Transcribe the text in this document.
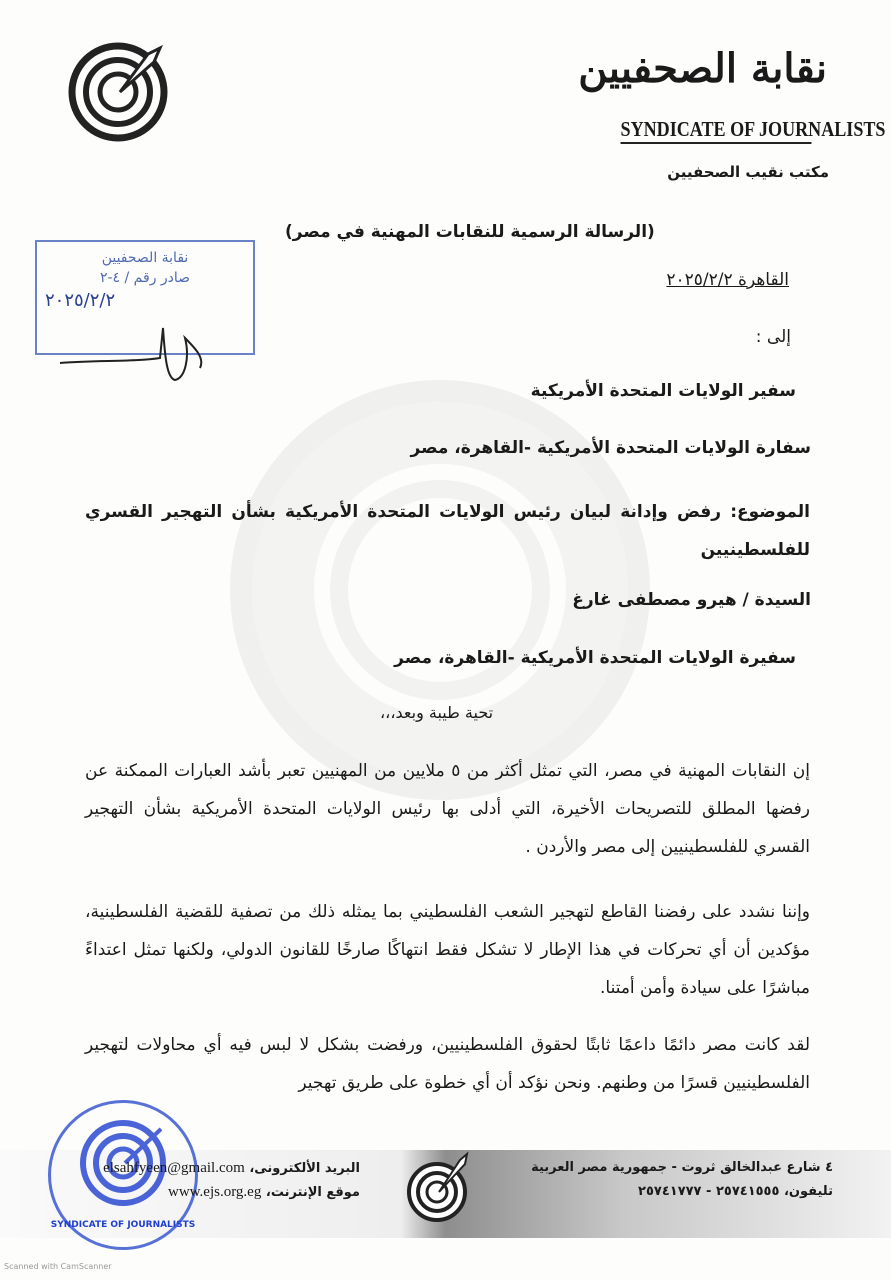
نقابة الصحفيين
SYNDICATE OF JOURNALISTS
مكتب نقيب الصحفيين
(الرسالة الرسمية للنقابات المهنية في مصر)
القاهرة ٢٠٢٥/٢/٢
نقابة الصحفيين
صادر رقم / ٤-٢
٢٠٢٥/٢/٢
إلى :
سفير الولايات المتحدة الأمريكية
سفارة الولايات المتحدة الأمريكية -القاهرة، مصر
الموضوع: رفض وإدانة لبيان رئيس الولايات المتحدة الأمريكية بشأن التهجير القسري للفلسطينيين
السيدة / هيرو مصطفى غارغ
سفيرة الولايات المتحدة الأمريكية -القاهرة، مصر
تحية طيبة وبعد،،،
إن النقابات المهنية في مصر، التي تمثل أكثر من ٥ ملايين من المهنيين تعبر بأشد العبارات الممكنة عن رفضها المطلق للتصريحات الأخيرة، التي أدلى بها رئيس الولايات المتحدة الأمريكية بشأن التهجير القسري للفلسطينيين إلى مصر والأردن .
وإننا نشدد على رفضنا القاطع لتهجير الشعب الفلسطيني بما يمثله ذلك من تصفية للقضية الفلسطينية، مؤكدين أن أي تحركات في هذا الإطار لا تشكل فقط انتهاكًا صارخًا للقانون الدولي، ولكنها تمثل اعتداءً مباشرًا على سيادة وأمن أمتنا.
لقد كانت مصر دائمًا داعمًا ثابتًا لحقوق الفلسطينيين، ورفضت بشكل لا لبس فيه أي محاولات لتهجير الفلسطينيين قسرًا من وطنهم. ونحن نؤكد أن أي خطوة على طريق تهجير
٤ شارع عبدالخالق ثروت - جمهورية مصر العربية
تليفون، ٢٥٧٤١٥٥٥ - ٢٥٧٤١٧٧٧
SYNDICATE OF JOURNALISTS
البريد الألكترونى، elsahfyeen@gmail.com
موقع الإنترنت، www.ejs.org.eg
Scanned with CamScanner
